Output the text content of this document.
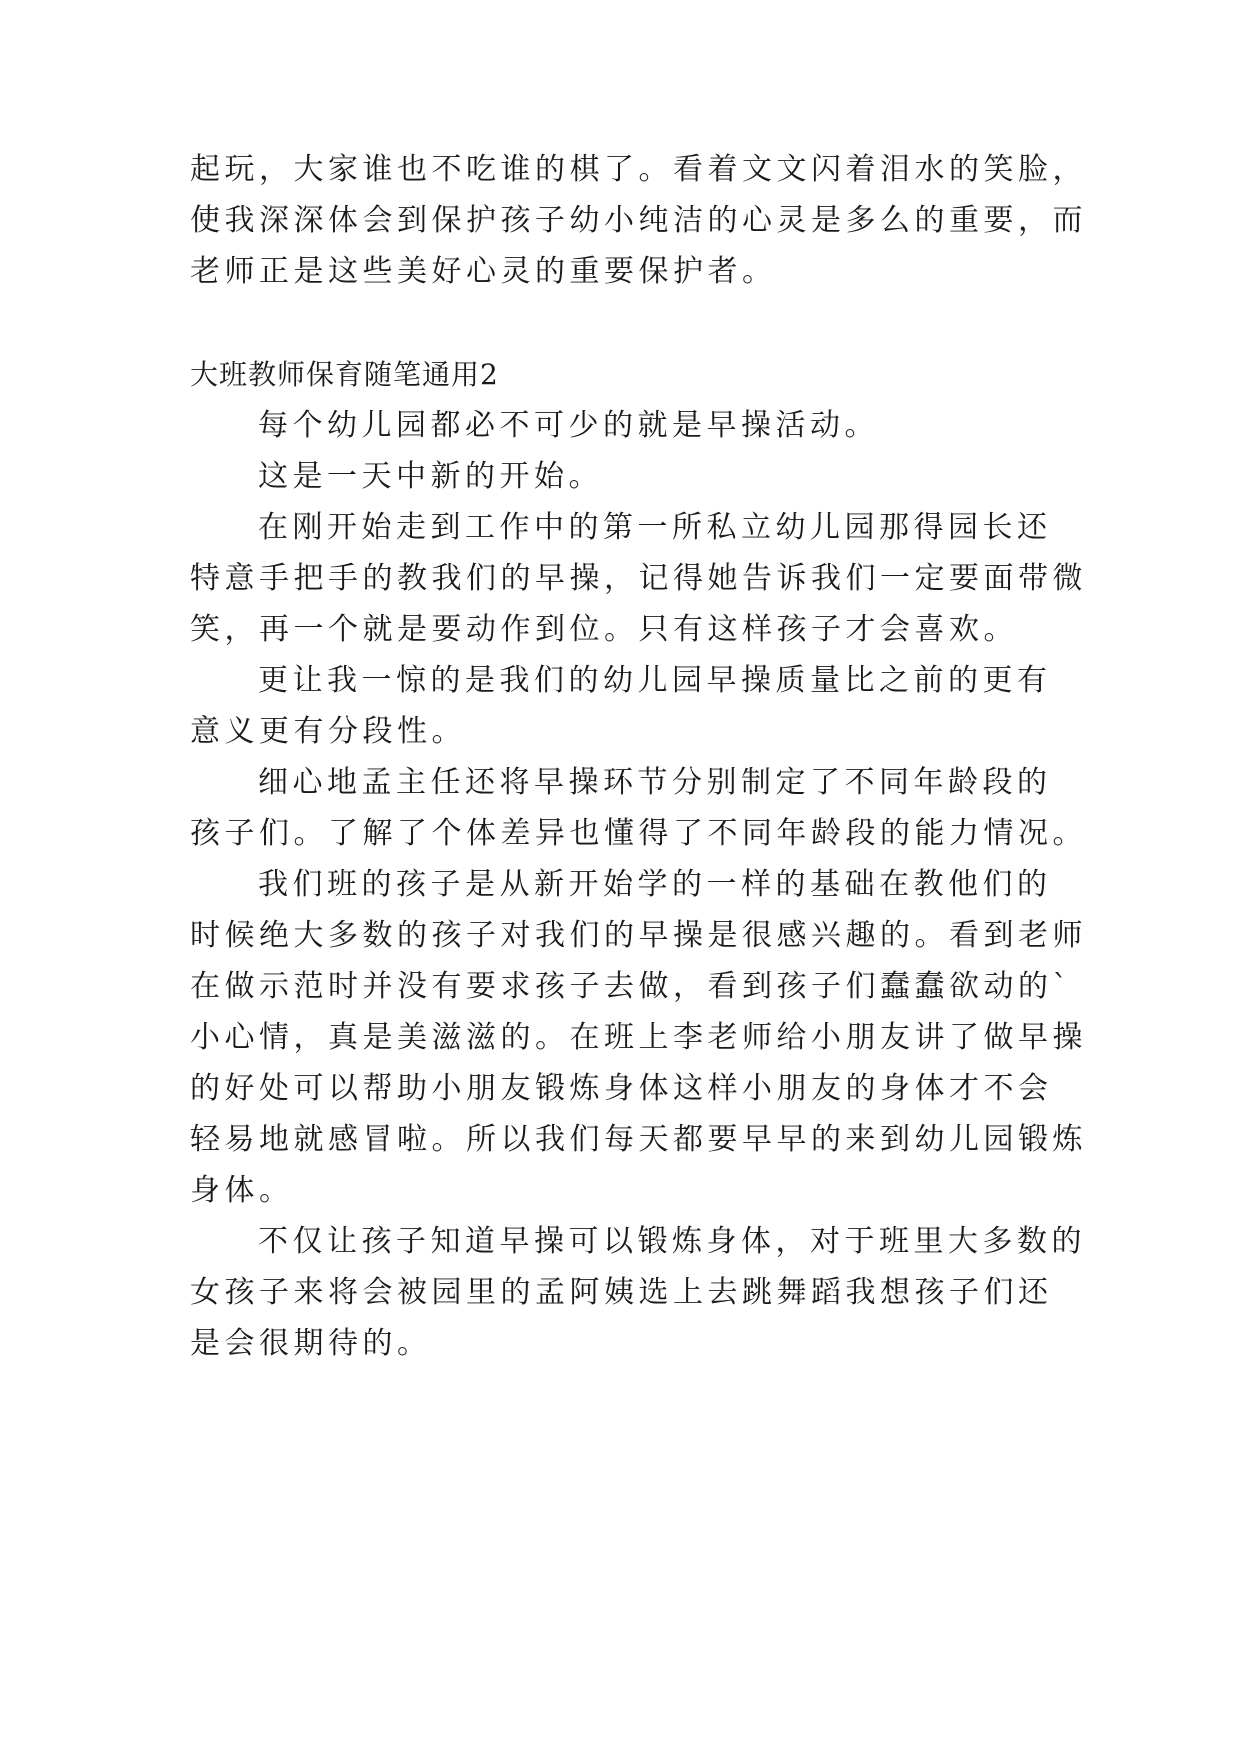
起玩，大家谁也不吃谁的棋了。看着文文闪着泪水的笑脸，
使我深深体会到保护孩子幼小纯洁的心灵是多么的重要，而
老师正是这些美好心灵的重要保护者。
大班教师保育随笔通用2
每个幼儿园都必不可少的就是早操活动。
这是一天中新的开始。
在刚开始走到工作中的第一所私立幼儿园那得园长还
特意手把手的教我们的早操，记得她告诉我们一定要面带微
笑，再一个就是要动作到位。只有这样孩子才会喜欢。
更让我一惊的是我们的幼儿园早操质量比之前的更有
意义更有分段性。
细心地孟主任还将早操环节分别制定了不同年龄段的
孩子们。了解了个体差异也懂得了不同年龄段的能力情况。
我们班的孩子是从新开始学的一样的基础在教他们的
时候绝大多数的孩子对我们的早操是很感兴趣的。看到老师
在做示范时并没有要求孩子去做，看到孩子们蠢蠢欲动的`
小心情，真是美滋滋的。在班上李老师给小朋友讲了做早操
的好处可以帮助小朋友锻炼身体这样小朋友的身体才不会
轻易地就感冒啦。所以我们每天都要早早的来到幼儿园锻炼
身体。
不仅让孩子知道早操可以锻炼身体，对于班里大多数的
女孩子来将会被园里的孟阿姨选上去跳舞蹈我想孩子们还
是会很期待的。
